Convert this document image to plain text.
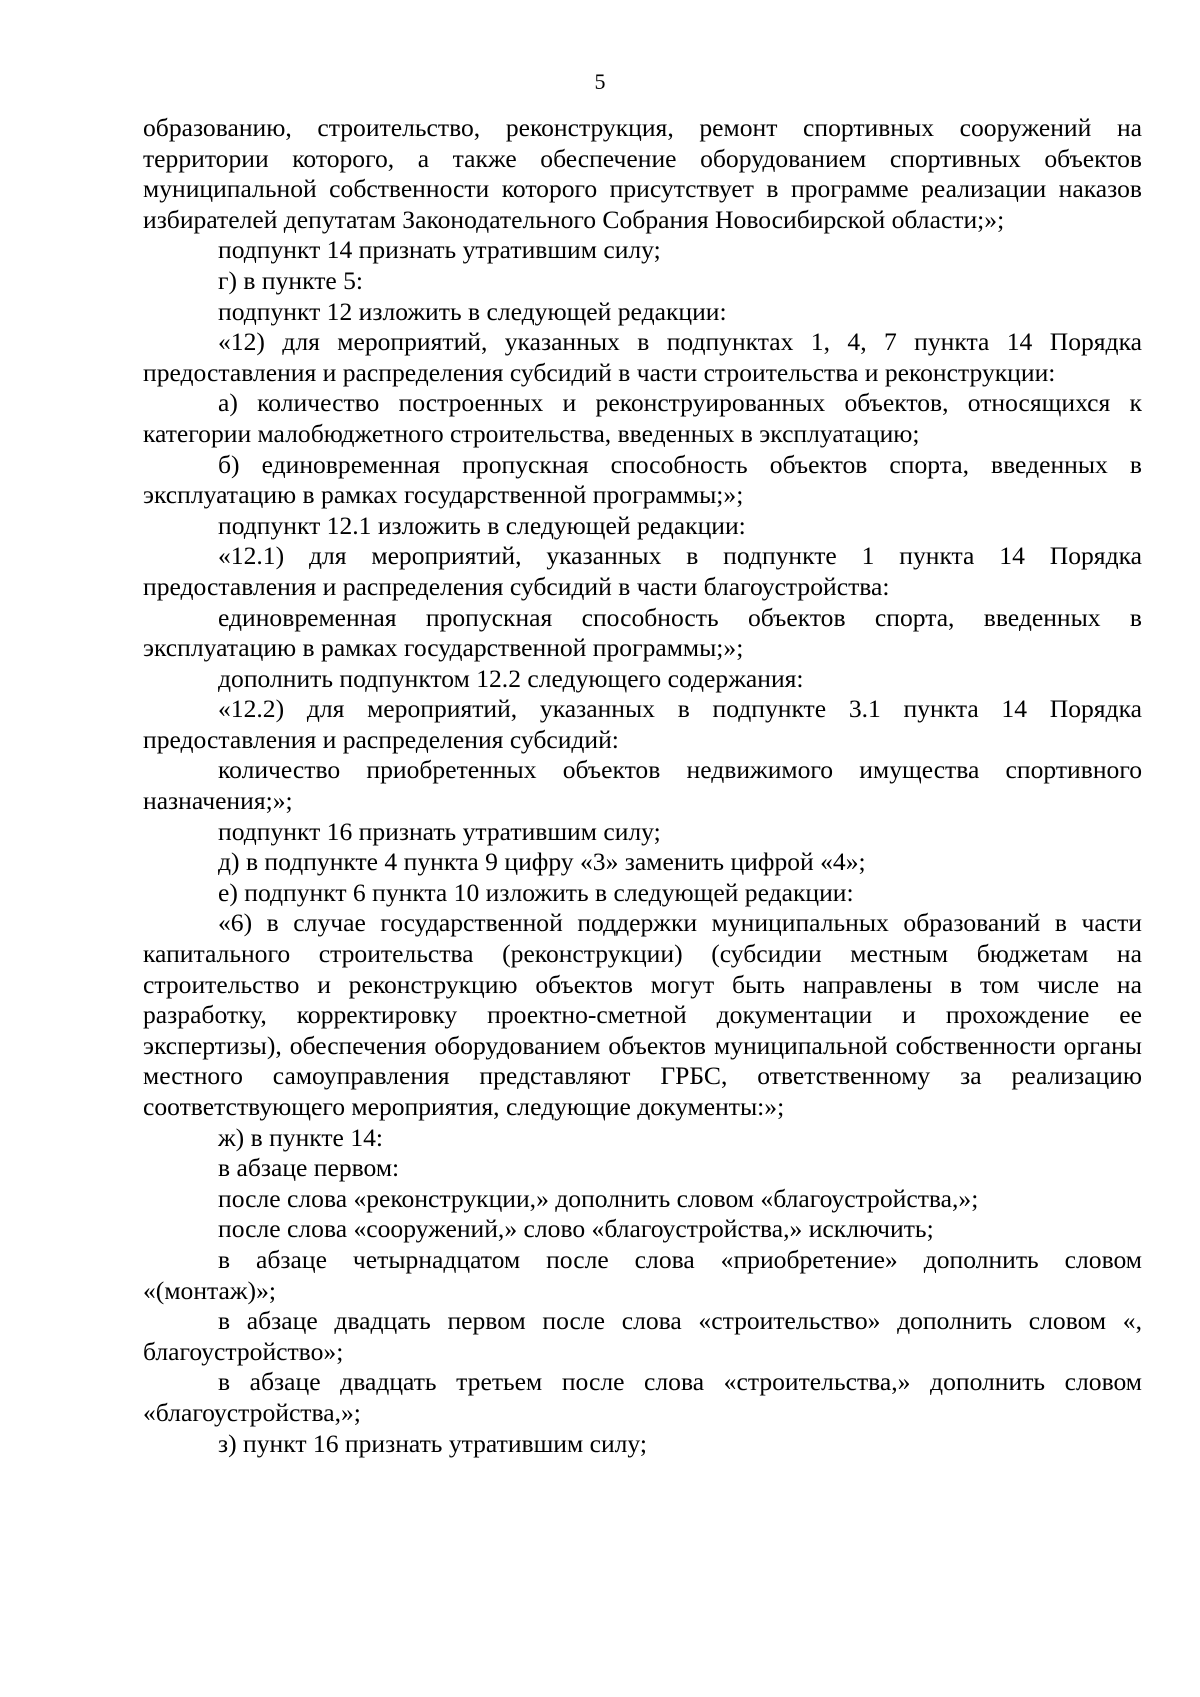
5

образованию, строительство, реконструкция, ремонт спортивных сооружений на территории которого, а также обеспечение оборудованием спортивных объектов муниципальной собственности которого присутствует в программе реализации наказов избирателей депутатам Законодательного Собрания Новосибирской области;»;

подпункт 14 признать утратившим силу;

г) в пункте 5:

подпункт 12 изложить в следующей редакции:

«12) для мероприятий, указанных в подпунктах 1, 4, 7 пункта 14 Порядка предоставления и распределения субсидий в части строительства и реконструкции:

а) количество построенных и реконструированных объектов, относящихся к категории малобюджетного строительства, введенных в эксплуатацию;

б) единовременная пропускная способность объектов спорта, введенных в эксплуатацию в рамках государственной программы;»;

подпункт 12.1 изложить в следующей редакции:

«12.1) для мероприятий, указанных в подпункте 1 пункта 14 Порядка предоставления и распределения субсидий в части благоустройства:

единовременная пропускная способность объектов спорта, введенных в эксплуатацию в рамках государственной программы;»;

дополнить подпунктом 12.2 следующего содержания:

«12.2) для мероприятий, указанных в подпункте 3.1 пункта 14 Порядка предоставления и распределения субсидий:

количество приобретенных объектов недвижимого имущества спортивного назначения;»;

подпункт 16 признать утратившим силу;

д) в подпункте 4 пункта 9 цифру «3» заменить цифрой «4»;

е) подпункт 6 пункта 10 изложить в следующей редакции:

«6) в случае государственной поддержки муниципальных образований в части капитального строительства (реконструкции) (субсидии местным бюджетам на строительство и реконструкцию объектов могут быть направлены в том числе на разработку, корректировку проектно-сметной документации и прохождение ее экспертизы), обеспечения оборудованием объектов муниципальной собственности органы местного самоуправления представляют ГРБС, ответственному за реализацию соответствующего мероприятия, следующие документы:»;

ж) в пункте 14:

в абзаце первом:

после слова «реконструкции,» дополнить словом «благоустройства,»;

после слова «сооружений,» слово «благоустройства,» исключить;

в абзаце четырнадцатом после слова «приобретение» дополнить словом «(монтаж)»;

в абзаце двадцать первом после слова «строительство» дополнить словом «, благоустройство»;

в абзаце двадцать третьем после слова «строительства,» дополнить словом «благоустройства,»;

з) пункт 16 признать утратившим силу;
